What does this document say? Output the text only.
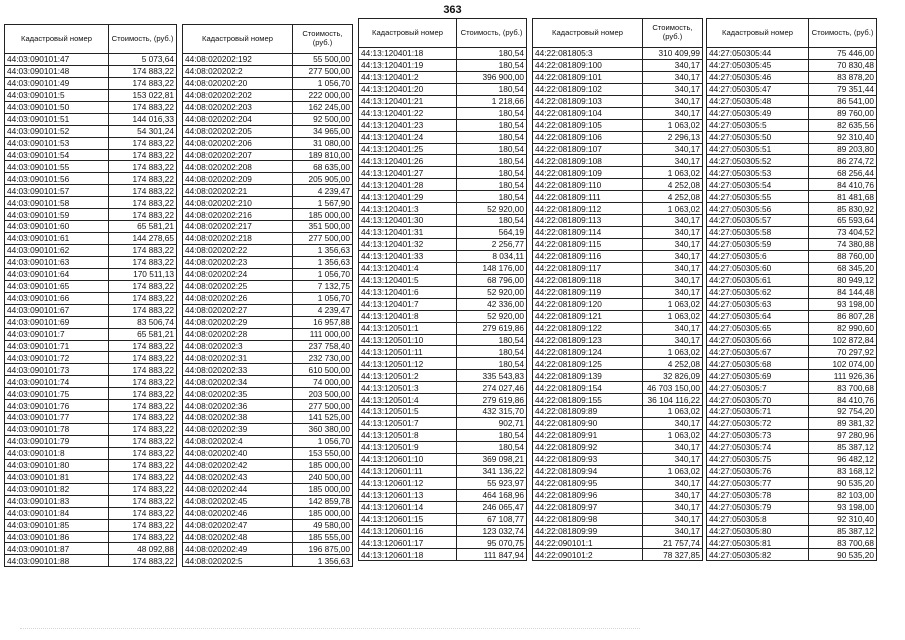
363
Кадастровый номер	Стоимость, (руб.)
44:03:090101:47	5 073,64
44:03:090101:48	174 883,22
44:03:090101:49	174 883,22
44:03:090101:5	153 022,81
44:03:090101:50	174 883,22
44:03:090101:51	144 016,33
44:03:090101:52	54 301,24
44:03:090101:53	174 883,22
44:03:090101:54	174 883,22
44:03:090101:55	174 883,22
44:03:090101:56	174 883,22
44:03:090101:57	174 883,22
44:03:090101:58	174 883,22
44:03:090101:59	174 883,22
44:03:090101:60	65 581,21
44:03:090101:61	144 278,65
44:03:090101:62	174 883,22
44:03:090101:63	174 883,22
44:03:090101:64	170 511,13
44:03:090101:65	174 883,22
44:03:090101:66	174 883,22
44:03:090101:67	174 883,22
44:03:090101:69	83 506,74
44:03:090101:7	65 581,21
44:03:090101:71	174 883,22
44:03:090101:72	174 883,22
44:03:090101:73	174 883,22
44:03:090101:74	174 883,22
44:03:090101:75	174 883,22
44:03:090101:76	174 883,22
44:03:090101:77	174 883,22
44:03:090101:78	174 883,22
44:03:090101:79	174 883,22
44:03:090101:8	174 883,22
44:03:090101:80	174 883,22
44:03:090101:81	174 883,22
44:03:090101:82	174 883,22
44:03:090101:83	174 883,22
44:03:090101:84	174 883,22
44:03:090101:85	174 883,22
44:03:090101:86	174 883,22
44:03:090101:87	48 092,88
44:03:090101:88	174 883,22
Кадастровый номер	Стоимость, (руб.)
44:08:020202:192	55 500,00
44:08:020202:2	277 500,00
44:08:020202:20	1 056,70
44:08:020202:202	222 000,00
44:08:020202:203	162 245,00
44:08:020202:204	92 500,00
44:08:020202:205	34 965,00
44:08:020202:206	31 080,00
44:08:020202:207	189 810,00
44:08:020202:208	68 635,00
44:08:020202:209	205 905,00
44:08:020202:21	4 239,47
44:08:020202:210	1 567,90
44:08:020202:216	185 000,00
44:08:020202:217	351 500,00
44:08:020202:218	277 500,00
44:08:020202:22	1 356,63
44:08:020202:23	1 356,63
44:08:020202:24	1 056,70
44:08:020202:25	7 132,75
44:08:020202:26	1 056,70
44:08:020202:27	4 239,47
44:08:020202:29	16 957,88
44:08:020202:28	111 000,00
44:08:020202:3	237 758,40
44:08:020202:31	232 730,00
44:08:020202:33	610 500,00
44:08:020202:34	74 000,00
44:08:020202:35	203 500,00
44:08:020202:36	277 500,00
44:08:020202:38	141 525,00
44:08:020202:39	360 380,00
44:08:020202:4	1 056,70
44:08:020202:40	153 550,00
44:08:020202:42	185 000,00
44:08:020202:43	240 500,00
44:08:020202:44	185 000,00
44:08:020202:45	142 859,78
44:08:020202:46	185 000,00
44:08:020202:47	49 580,00
44:08:020202:48	185 555,00
44:08:020202:49	196 875,00
44:08:020202:5	1 356,63
Кадастровый номер	Стоимость, (руб.)
44:13:120401:18	180,54
44:13:120401:19	180,54
44:13:120401:2	396 900,00
44:13:120401:20	180,54
44:13:120401:21	1 218,66
44:13:120401:22	180,54
44:13:120401:23	180,54
44:13:120401:24	180,54
44:13:120401:25	180,54
44:13:120401:26	180,54
44:13:120401:27	180,54
44:13:120401:28	180,54
44:13:120401:29	180,54
44:13:120401:3	52 920,00
44:13:120401:30	180,54
44:13:120401:31	564,19
44:13:120401:32	2 256,77
44:13:120401:33	8 034,11
44:13:120401:4	148 176,00
44:13:120401:5	68 796,00
44:13:120401:6	52 920,00
44:13:120401:7	42 336,00
44:13:120401:8	52 920,00
44:13:120501:1	279 619,86
44:13:120501:10	180,54
44:13:120501:11	180,54
44:13:120501:12	180,54
44:13:120501:2	335 543,83
44:13:120501:3	274 027,46
44:13:120501:4	279 619,86
44:13:120501:5	432 315,70
44:13:120501:7	902,71
44:13:120501:8	180,54
44:13:120501:9	180,54
44:13:120601:10	369 098,21
44:13:120601:11	341 136,22
44:13:120601:12	55 923,97
44:13:120601:13	464 168,96
44:13:120601:14	246 065,47
44:13:120601:15	67 108,77
44:13:120601:16	123 032,74
44:13:120601:17	95 070,75
44:13:120601:18	111 847,94
Кадастровый номер	Стоимость, (руб.)
44:22:081805:3	310 409,99
44:22:081809:100	340,17
44:22:081809:101	340,17
44:22:081809:102	340,17
44:22:081809:103	340,17
44:22:081809:104	340,17
44:22:081809:105	1 063,02
44:22:081809:106	2 296,13
44:22:081809:107	340,17
44:22:081809:108	340,17
44:22:081809:109	1 063,02
44:22:081809:110	4 252,08
44:22:081809:111	4 252,08
44:22:081809:112	1 063,02
44:22:081809:113	340,17
44:22:081809:114	340,17
44:22:081809:115	340,17
44:22:081809:116	340,17
44:22:081809:117	340,17
44:22:081809:118	340,17
44:22:081809:119	340,17
44:22:081809:120	1 063,02
44:22:081809:121	1 063,02
44:22:081809:122	340,17
44:22:081809:123	340,17
44:22:081809:124	1 063,02
44:22:081809:125	4 252,08
44:22:081809:139	32 826,09
44:22:081809:154	46 703 150,00
44:22:081809:155	36 104 116,22
44:22:081809:89	1 063,02
44:22:081809:90	340,17
44:22:081809:91	1 063,02
44:22:081809:92	340,17
44:22:081809:93	340,17
44:22:081809:94	1 063,02
44:22:081809:95	340,17
44:22:081809:96	340,17
44:22:081809:97	340,17
44:22:081809:98	340,17
44:22:081809:99	340,17
44:22:090101:1	21 757,74
44:22:090101:2	78 327,85
Кадастровый номер	Стоимость, (руб.)
44:27:050305:44	75 446,00
44:27:050305:45	70 830,48
44:27:050305:46	83 878,20
44:27:050305:47	79 351,44
44:27:050305:48	86 541,00
44:27:050305:49	89 760,00
44:27:050305:5	82 635,56
44:27:050305:50	92 310,40
44:27:050305:51	89 203,80
44:27:050305:52	86 274,72
44:27:050305:53	68 256,44
44:27:050305:54	84 410,76
44:27:050305:55	81 481,68
44:27:050305:56	85 830,92
44:27:050305:57	65 593,64
44:27:050305:58	73 404,52
44:27:050305:59	74 380,88
44:27:050305:6	88 760,00
44:27:050305:60	68 345,20
44:27:050305:61	80 949,12
44:27:050305:62	84 144,48
44:27:050305:63	93 198,00
44:27:050305:64	86 807,28
44:27:050305:65	82 990,60
44:27:050305:66	102 872,84
44:27:050305:67	70 297,92
44:27:050305:68	102 074,00
44:27:050305:69	111 926,36
44:27:050305:7	83 700,68
44:27:050305:70	84 410,76
44:27:050305:71	92 754,20
44:27:050305:72	89 381,32
44:27:050305:73	97 280,96
44:27:050305:74	85 387,12
44:27:050305:75	96 482,12
44:27:050305:76	83 168,12
44:27:050305:77	90 535,20
44:27:050305:78	82 103,00
44:27:050305:79	93 198,00
44:27:050305:8	92 310,40
44:27:050305:80	85 387,12
44:27:050305:81	83 700,68
44:27:050305:82	90 535,20
